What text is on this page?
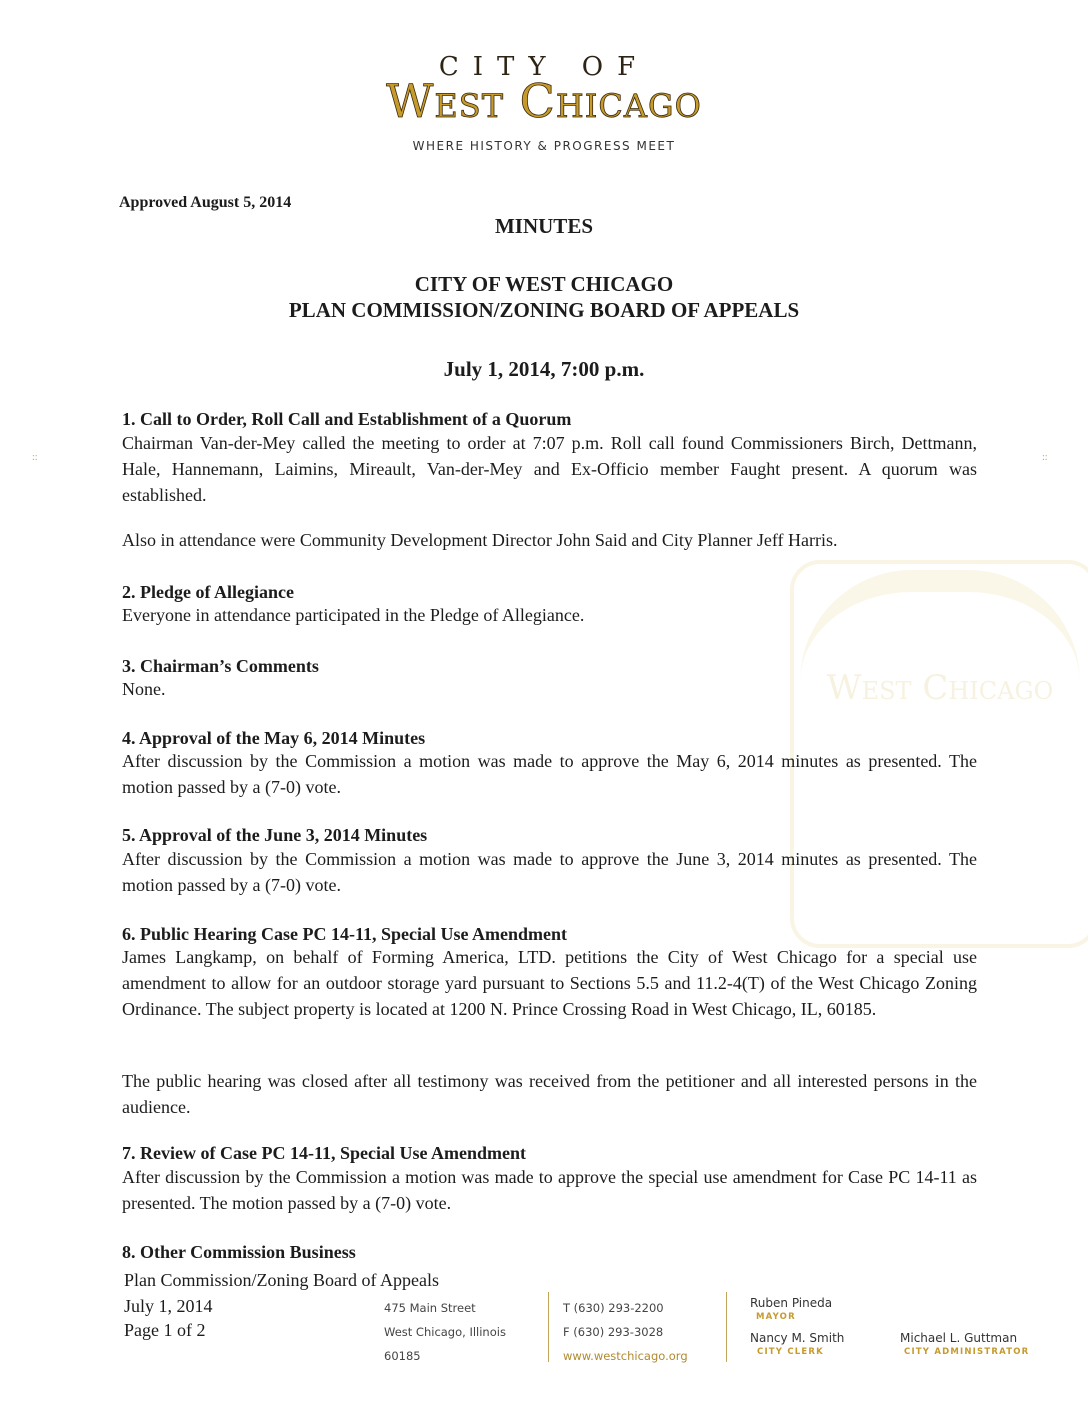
West Chicago
::	::
CITY OF
West Chicago
WHERE HISTORY & PROGRESS MEET
Approved August 5, 2014
MINUTES
CITY OF WEST CHICAGO
PLAN COMMISSION/ZONING BOARD OF APPEALS
July 1, 2014, 7:00 p.m.
1. Call to Order, Roll Call and Establishment of a Quorum
Chairman Van-der-Mey called the meeting to order at 7:07 p.m. Roll call found Commissioners Birch, Dettmann, Hale, Hannemann, Laimins, Mireault, Van-der-Mey and Ex-Officio member Faught present. A quorum was established.
Also in attendance were Community Development Director John Said and City Planner Jeff Harris.
2. Pledge of Allegiance
Everyone in attendance participated in the Pledge of Allegiance.
3. Chairman’s Comments
None.
4. Approval of the May 6, 2014 Minutes
After discussion by the Commission a motion was made to approve the May 6, 2014 minutes as presented. The motion passed by a (7-0) vote.
5. Approval of the June 3, 2014 Minutes
After discussion by the Commission a motion was made to approve the June 3, 2014 minutes as presented. The motion passed by a (7-0) vote.
6. Public Hearing Case PC 14-11, Special Use Amendment
James Langkamp, on behalf of Forming America, LTD. petitions the City of West Chicago for a special use amendment to allow for an outdoor storage yard pursuant to Sections 5.5 and 11.2-4(T) of the West Chicago Zoning Ordinance. The subject property is located at 1200 N. Prince Crossing Road in West Chicago, IL, 60185.
The public hearing was closed after all testimony was received from the petitioner and all interested persons in the audience.
7. Review of Case PC 14-11, Special Use Amendment
After discussion by the Commission a motion was made to approve the special use amendment for Case PC 14-11 as presented. The motion passed by a (7-0) vote.
8. Other Commission Business
Plan Commission/Zoning Board of Appeals
July 1, 2014
Page 1 of 2
475 Main Street
West Chicago, Illinois
60185
T (630) 293-2200
F (630) 293-3028
www.westchicago.org
Ruben Pineda
MAYOR
Nancy M. Smith
CITY CLERK
Michael L. Guttman
CITY ADMINISTRATOR
